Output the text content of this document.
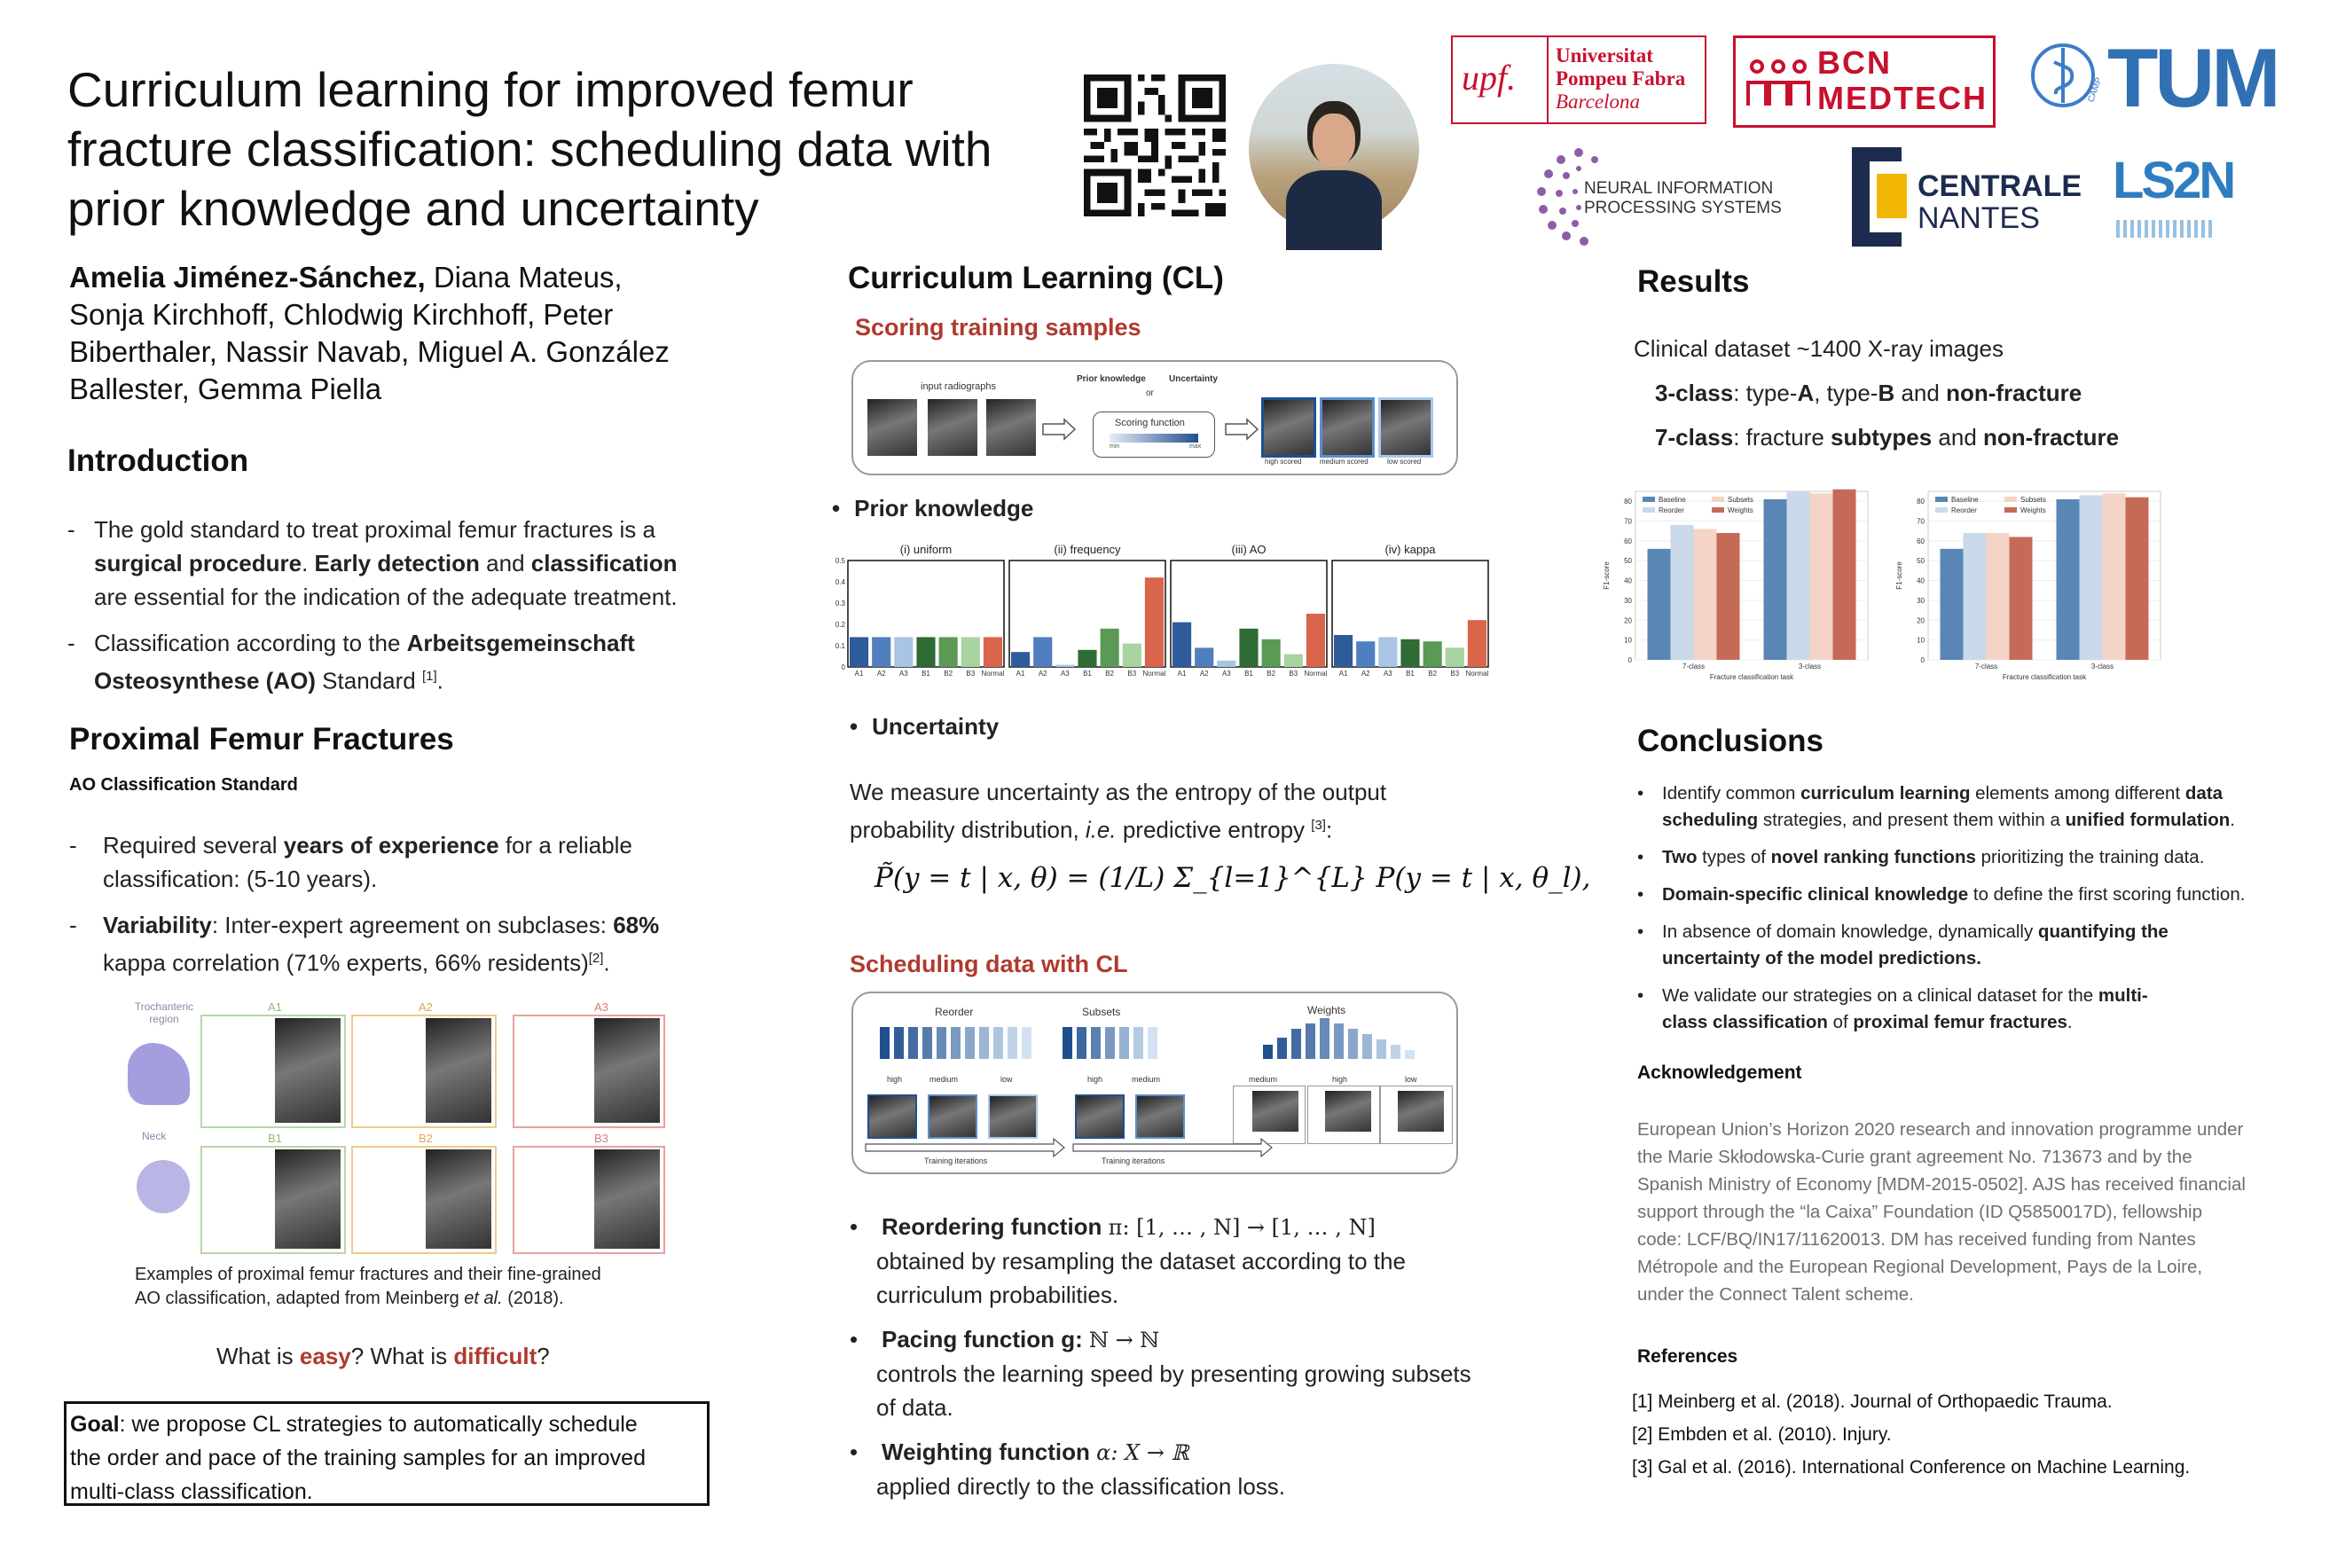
Curriculum learning for improved femur
fracture classification: scheduling data with
prior knowledge and uncertainty
upf.
Universitat
Pompeu Fabra
Barcelona
BCN
MEDTECH	CAMP TUM
NEURAL INFORMATION
PROCESSING SYSTEMS
CENTRALE
NANTES
LS2N
Amelia Jiménez-Sánchez, Diana Mateus,
Sonja Kirchhoff, Chlodwig Kirchhoff, Peter
Biberthaler, Nassir Navab, Miguel A. González
Ballester, Gemma Piella
Introduction
- The gold standard to treat proximal femur fractures is a
surgical procedure. Early detection and classification
are essential for the indication of the adequate treatment.
- Classification according to the Arbeitsgemeinschaft
Osteosynthese (AO) Standard [1].
Proximal Femur Fractures
AO Classification Standard
- Required several years of experience for a reliable
classification: (5-10 years).
- Variability: Inter-expert agreement on subclases: 68%
kappa correlation (71% experts, 66% residents)[2].
Trochanteric region
Neck
A1	A2	A3
B1	B2	B3
Examples of proximal femur fractures and their fine-grained
AO classification, adapted from Meinberg et al. (2018).
What is easy? What is difficult?
Goal: we propose CL strategies to automatically schedule
the order and pace of the training samples for an improved
multi-class classification.
Curriculum Learning (CL)
Scoring training samples
input radiographs
Prior knowledge
or
Uncertainty
Scoring function
min	max
high scored	medium scored	low scored
• Prior knowledge
(i) uniform
0
0.1
0.2
0.3
0.4
0.5
A1 A2 A3 B1 B2 B3 Normal
(ii) frequency
A1 A2 A3 B1 B2 B3 Normal
(iii) AO
A1 A2 A3 B1 B2 B3 Normal
(iv) kappa
A1 A2 A3 B1 B2 B3 Normal
• Uncertainty
We measure uncertainty as the entropy of the output
probability distribution, i.e. predictive entropy [3]:
P̃(y = t | x, θ) = (1/L) Σ_{l=1}^{L} P(y = t | x, θ_l),
Scheduling data with CL
Reorder	Subsets	Weights
high	medium	low	high	medium	medium	high	low
Training iterations	Training iterations
• Reordering function π: [1, … , N] → [1, … , N]
obtained by resampling the dataset according to the
curriculum probabilities.
• Pacing function g: ℕ → ℕ
controls the learning speed by presenting growing subsets
of data.
• Weighting function α: X → ℝ
applied directly to the classification loss.
Results
Clinical dataset ~1400 X-ray images
3-class: type-A, type-B and non-fracture
7-class: fracture subtypes and non-fracture
0
10
20
30
40
50
60
70
80
F1-score
7-class	3-class
Fracture classification task
Baseline
Reorder
Subsets
Weights
0
10
20
30
40
50
60
70
80
F1-score
7-class	3-class
Fracture classification task
Baseline
Reorder
Subsets
Weights
Conclusions
• Identify common curriculum learning elements among different data
scheduling strategies, and present them within a unified formulation.
• Two types of novel ranking functions prioritizing the training data.
• Domain-specific clinical knowledge to define the first scoring function.
• In absence of domain knowledge, dynamically quantifying the
uncertainty of the model predictions.
• We validate our strategies on a clinical dataset for the multi-
class classification of proximal femur fractures.
Acknowledgement
European Union’s Horizon 2020 research and innovation programme under
the Marie Skłodowska-Curie grant agreement No. 713673 and by the
Spanish Ministry of Economy [MDM-2015-0502]. AJS has received financial
support through the “la Caixa” Foundation (ID Q5850017D), fellowship
code: LCF/BQ/IN17/11620013. DM has received funding from Nantes
Métropole and the European Regional Development, Pays de la Loire,
under the Connect Talent scheme.
References
[1] Meinberg et al. (2018). Journal of Orthopaedic Trauma.
[2] Embden et al. (2010). Injury.
[3] Gal et al. (2016). International Conference on Machine Learning.
